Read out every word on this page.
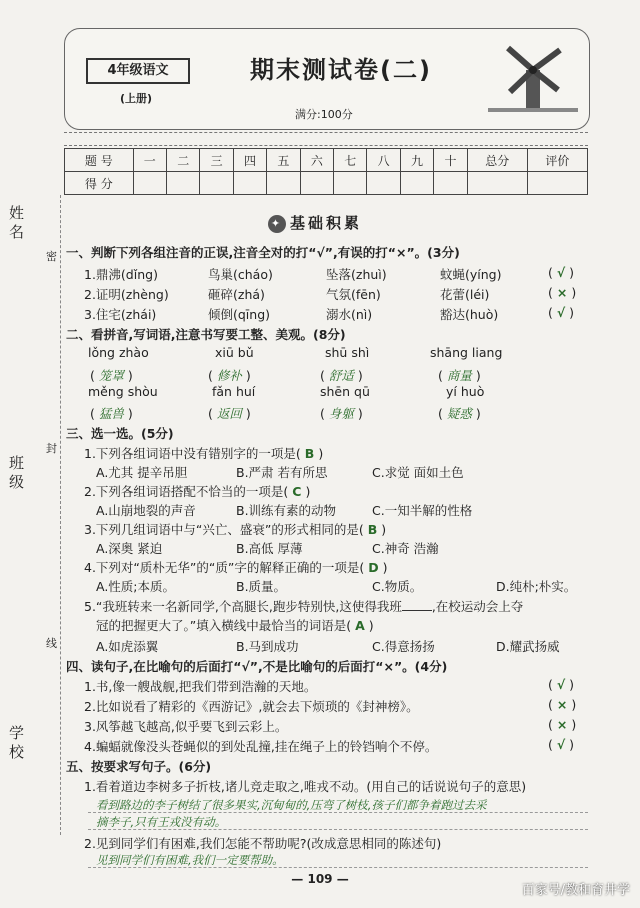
姓名
班级
学校
密
封
线
4年级语文
(上册)
期末测试卷(二)
满分:100分
题 号	一	二	三	四	五	六	七	八	九	十	总分	评价
得 分												
✦ 基础积累
一、判断下列各组注音的正误,注音全对的打“√”,有误的打“×”。(3分)
1.鼎沸(dǐng)	鸟巢(cháo)	坠落(zhuì)	蚊蝇(yíng)	( √ )
2.证明(zhèng)	砸碎(zhá)	气氛(fēn)	花蕾(léi)	( × )
3.住宅(zhái)	倾倒(qīng)	溺水(nì)	豁达(huò)	( √ )
二、看拼音,写词语,注意书写要工整、美观。(8分)
lǒng zhào	xiū bǔ	shū shì	shāng liang
( 笼罩 )	( 修补 )	( 舒适 )	( 商量 )
měng shòu	fǎn huí	shēn qū	yí huò
( 猛兽 )	( 返回 )	( 身躯 )	( 疑惑 )
三、选一选。(5分)
1.下列各组词语中没有错别字的一项是( B )
A.尤其 提辛吊胆	B.严肃 若有所思	C.求觉 面如土色
2.下列各组词语搭配不恰当的一项是( C )
A.山崩地裂的声音	B.训练有素的动物	C.一知半解的性格
3.下列几组词语中与“兴亡、盛衰”的形式相同的是( B )
A.深奥 紧迫	B.高低 厚薄	C.神奇 浩瀚
4.下列对“质朴无华”的“质”字的解释正确的一项是( D )
A.性质;本质。	B.质量。	C.物质。	D.纯朴;朴实。
5.“我班转来一名新同学,个高腿长,跑步特别快,这使得我班 ,在校运动会上夺
冠的把握更大了。”填入横线中最恰当的词语是( A )
A.如虎添翼	B.马到成功	C.得意扬扬	D.耀武扬威
四、读句子,在比喻句的后面打“√”,不是比喻句的后面打“×”。(4分)
1.书,像一艘战舰,把我们带到浩瀚的天地。	( √ )
2.比如说看了精彩的《西游记》,就会去下烦琐的《封神榜》。	( × )
3.风筝越飞越高,似乎要飞到云彩上。	( × )
4.蝙蝠就像没头苍蝇似的到处乱撞,挂在绳子上的铃铛响个不停。	( √ )
五、按要求写句子。(6分)
1.看着道边李树多子折枝,诸儿竞走取之,唯戎不动。(用自己的话说说句子的意思)
看到路边的李子树结了很多果实,沉甸甸的,压弯了树枝,孩子们都争着跑过去采
摘李子,只有王戎没有动。
2.见到同学们有困难,我们怎能不帮助呢?(改成意思相同的陈述句)
见到同学们有困难,我们一定要帮助。
— 109 —
百家号/教和育井学
